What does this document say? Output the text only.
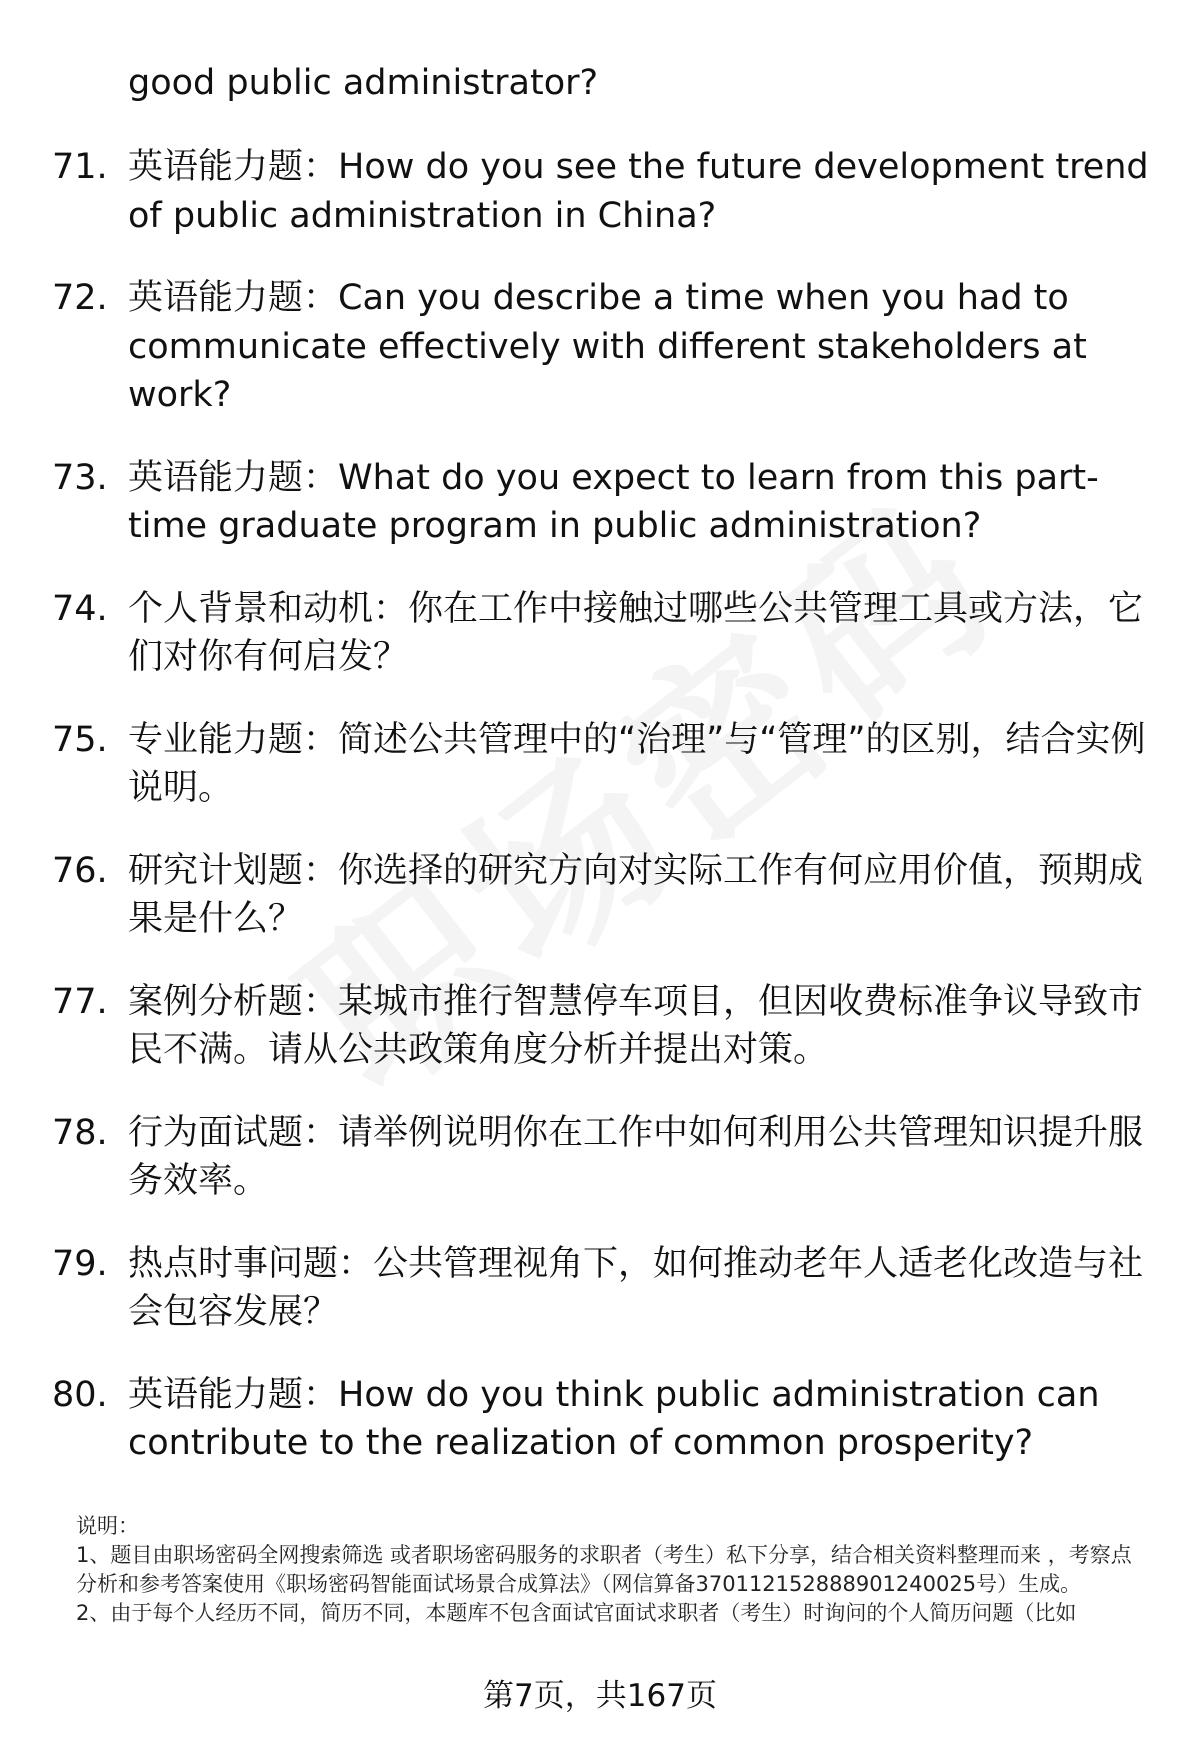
good public administrator?

71. 英语能力题：How do you see the future development trend of public administration in China?
72. 英语能力题：Can you describe a time when you had to communicate effectively with different stakeholders at work?
73. 英语能力题：What do you expect to learn from this part-time graduate program in public administration?
74. 个人背景和动机：你在工作中接触过哪些公共管理工具或方法，它们对你有何启发？
75. 专业能力题：简述公共管理中的“治理”与“管理”的区别，结合实例说明。
76. 研究计划题：你选择的研究方向对实际工作有何应用价值，预期成果是什么？
77. 案例分析题：某城市推行智慧停车项目，但因收费标准争议导致市民不满。请从公共政策角度分析并提出对策。
78. 行为面试题：请举例说明你在工作中如何利用公共管理知识提升服务效率。
79. 热点时事问题：公共管理视角下，如何推动老年人适老化改造与社会包容发展？
80. 英语能力题：How do you think public administration can contribute to the realization of common prosperity?

说明：

1、题目由职场密码全网搜索筛选 或者职场密码服务的求职者（考生）私下分享，结合相关资料整理而来 ，考察点分析和参考答案使用《职场密码智能面试场景合成算法》（网信算备370112152888901240025号）生成。

2、由于每个人经历不同，简历不同，本题库不包含面试官面试求职者（考生）时询问的个人简历问题（比如

第7页，共167页
